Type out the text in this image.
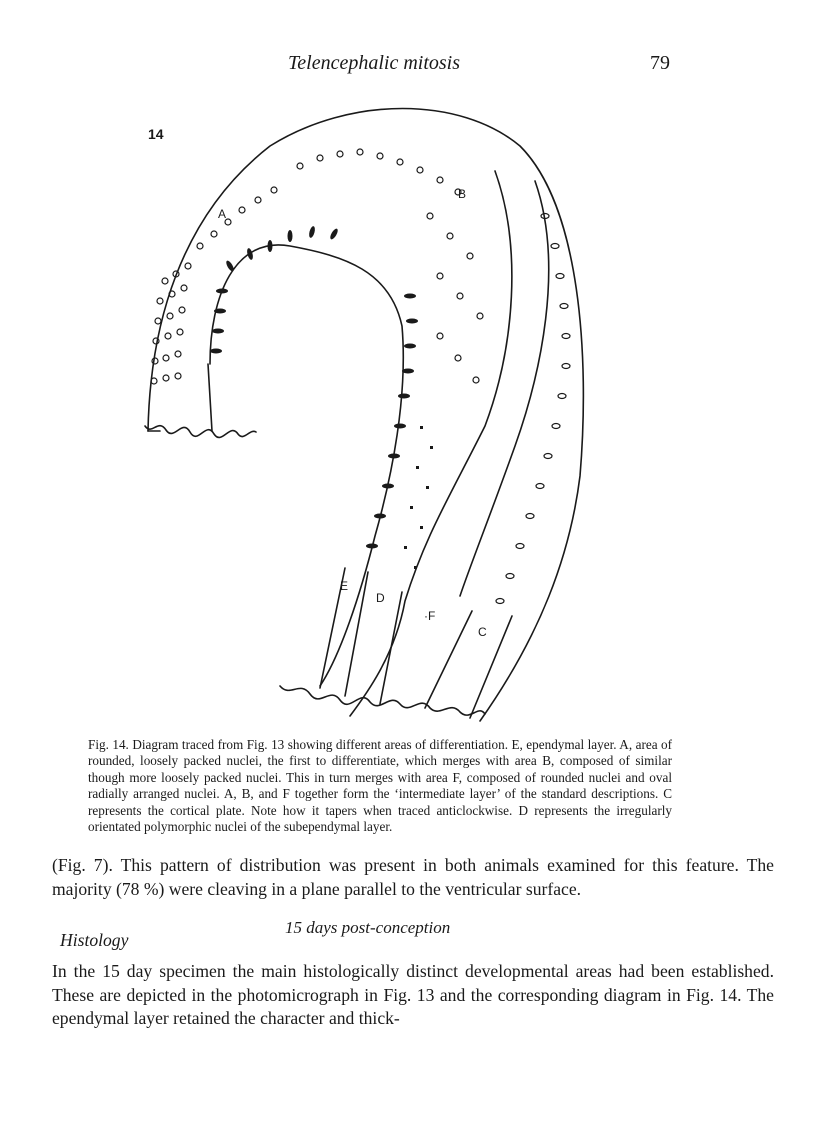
Telencephalic mitosis	79
14
A
B
E
D
·F
C
Fig. 14. Diagram traced from Fig. 13 showing different areas of differentiation. E, ependymal layer. A, area of rounded, loosely packed nuclei, the first to differentiate, which merges with area B, composed of similar though more loosely packed nuclei. This in turn merges with area F, composed of rounded nuclei and oval radially arranged nuclei. A, B, and F together form the ‘intermediate layer’ of the standard descriptions. C represents the cortical plate. Note how it tapers when traced anticlockwise. D represents the irregularly orientated polymorphic nuclei of the subependymal layer.
(Fig. 7). This pattern of distribution was present in both animals examined for this feature. The majority (78 %) were cleaving in a plane parallel to the ventricular surface.
15 days post-conception
Histology
In the 15 day specimen the main histologically distinct developmental areas had been established. These are depicted in the photomicrograph in Fig. 13 and the corresponding diagram in Fig. 14. The ependymal layer retained the character and thick-
